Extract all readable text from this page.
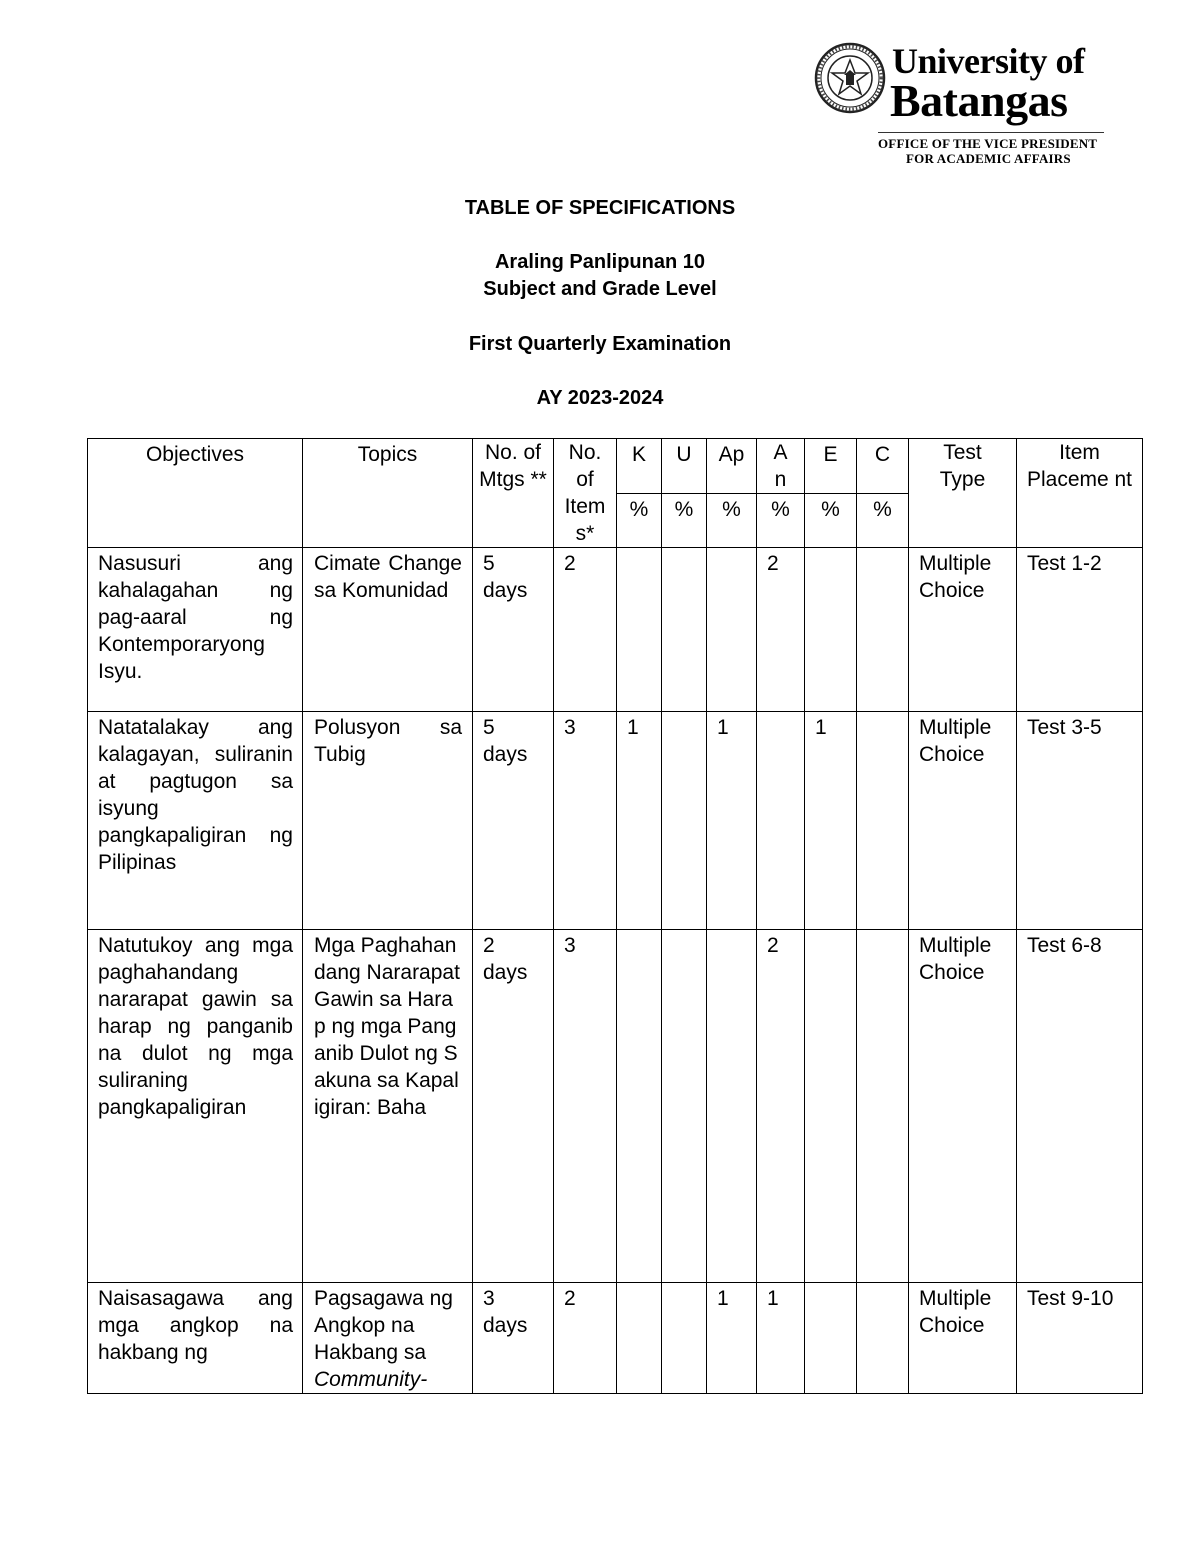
University of
Batangas
OFFICE OF THE VICE PRESIDENT
FOR ACADEMIC AFFAIRS
TABLE OF SPECIFICATIONS
Araling Panlipunan 10
Subject and Grade Level
First Quarterly Examination
AY 2023-2024
Objectives	Topics	No. of Mtgs **	No. of Item s*	K	U	Ap	A n	E	C	Test Type	Item Placeme nt
				%	%	%	%	%	%		
Nasusuri ang kahalagahan ng pag-aaral ng Kontemporaryong Isyu.	Cimate Change sa Komunidad	5 days	2				2			Multiple Choice	Test 1-2
Natatalakay ang kalagayan, suliranin at pagtugon sa isyung pangkapaligiran ng Pilipinas	Polusyon sa Tubig	5 days	3	1		1		1		Multiple Choice	Test 3-5
Natutukoy ang mga paghahandang nararapat gawin sa harap ng panganib na dulot ng mga suliraning pangkapaligiran	Mga Paghahandang Nararapat Gawin sa Harap ng mga Panganib Dulot ng Sakuna sa Kapaligiran: Baha	2 days	3				2			Multiple Choice	Test 6-8
Naisasagawa ang mga angkop na hakbang ng	Pagsagawa ng Angkop na Hakbang sa Community-	3 days	2			1	1			Multiple Choice	Test 9-10
